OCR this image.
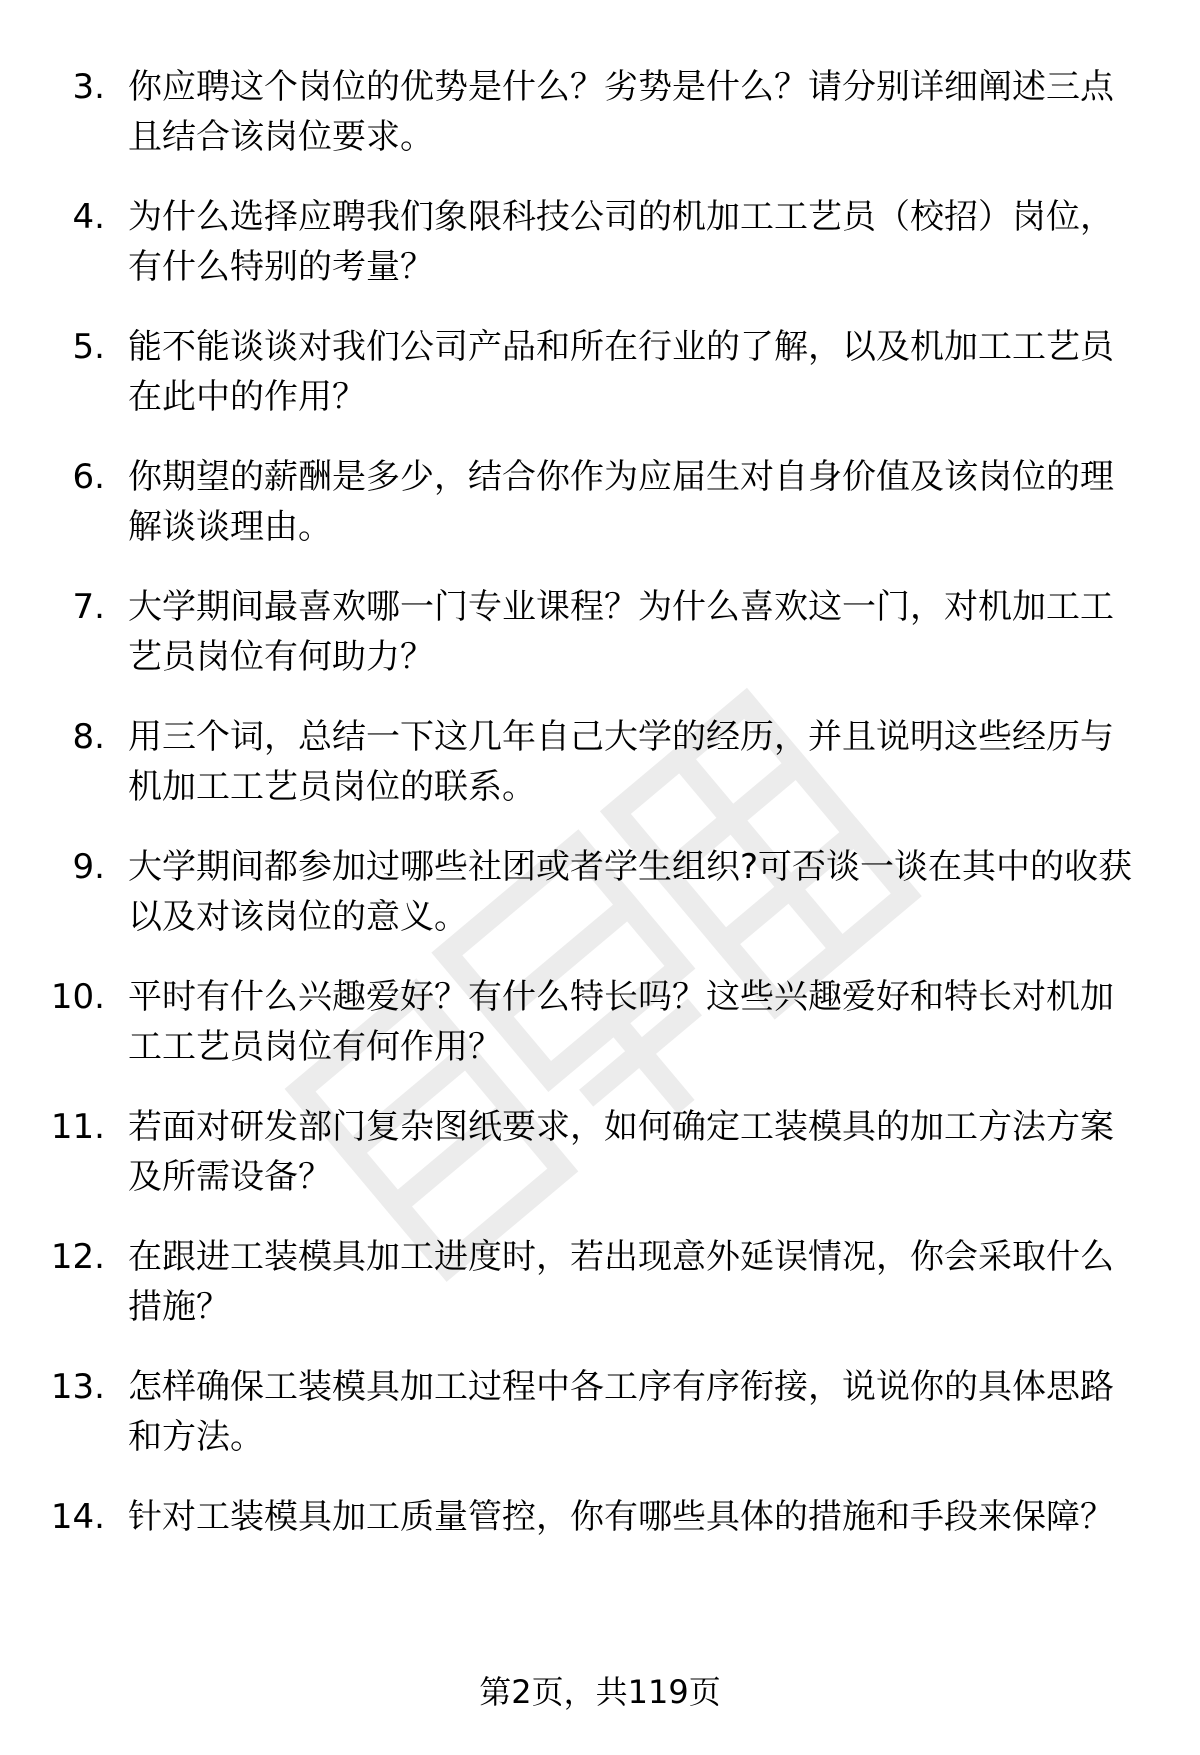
3. 你应聘这个岗位的优势是什么？劣势是什么？请分别详细阐述三点且结合该岗位要求。
4. 为什么选择应聘我们象限科技公司的机加工工艺员（校招）岗位，有什么特别的考量？
5. 能不能谈谈对我们公司产品和所在行业的了解，以及机加工工艺员在此中的作用？
6. 你期望的薪酬是多少，结合你作为应届生对自身价值及该岗位的理解谈谈理由。
7. 大学期间最喜欢哪一门专业课程？为什么喜欢这一门，对机加工工艺员岗位有何助力？
8. 用三个词，总结一下这几年自己大学的经历，并且说明这些经历与机加工工艺员岗位的联系。
9. 大学期间都参加过哪些社团或者学生组织?可否谈一谈在其中的收获以及对该岗位的意义。
10. 平时有什么兴趣爱好？有什么特长吗？这些兴趣爱好和特长对机加工工艺员岗位有何作用？
11. 若面对研发部门复杂图纸要求，如何确定工装模具的加工方法方案及所需设备？
12. 在跟进工装模具加工进度时，若出现意外延误情况，你会采取什么措施？
13. 怎样确保工装模具加工过程中各工序有序衔接，说说你的具体思路和方法。
14. 针对工装模具加工质量管控，你有哪些具体的措施和手段来保障？
第2页，共119页
